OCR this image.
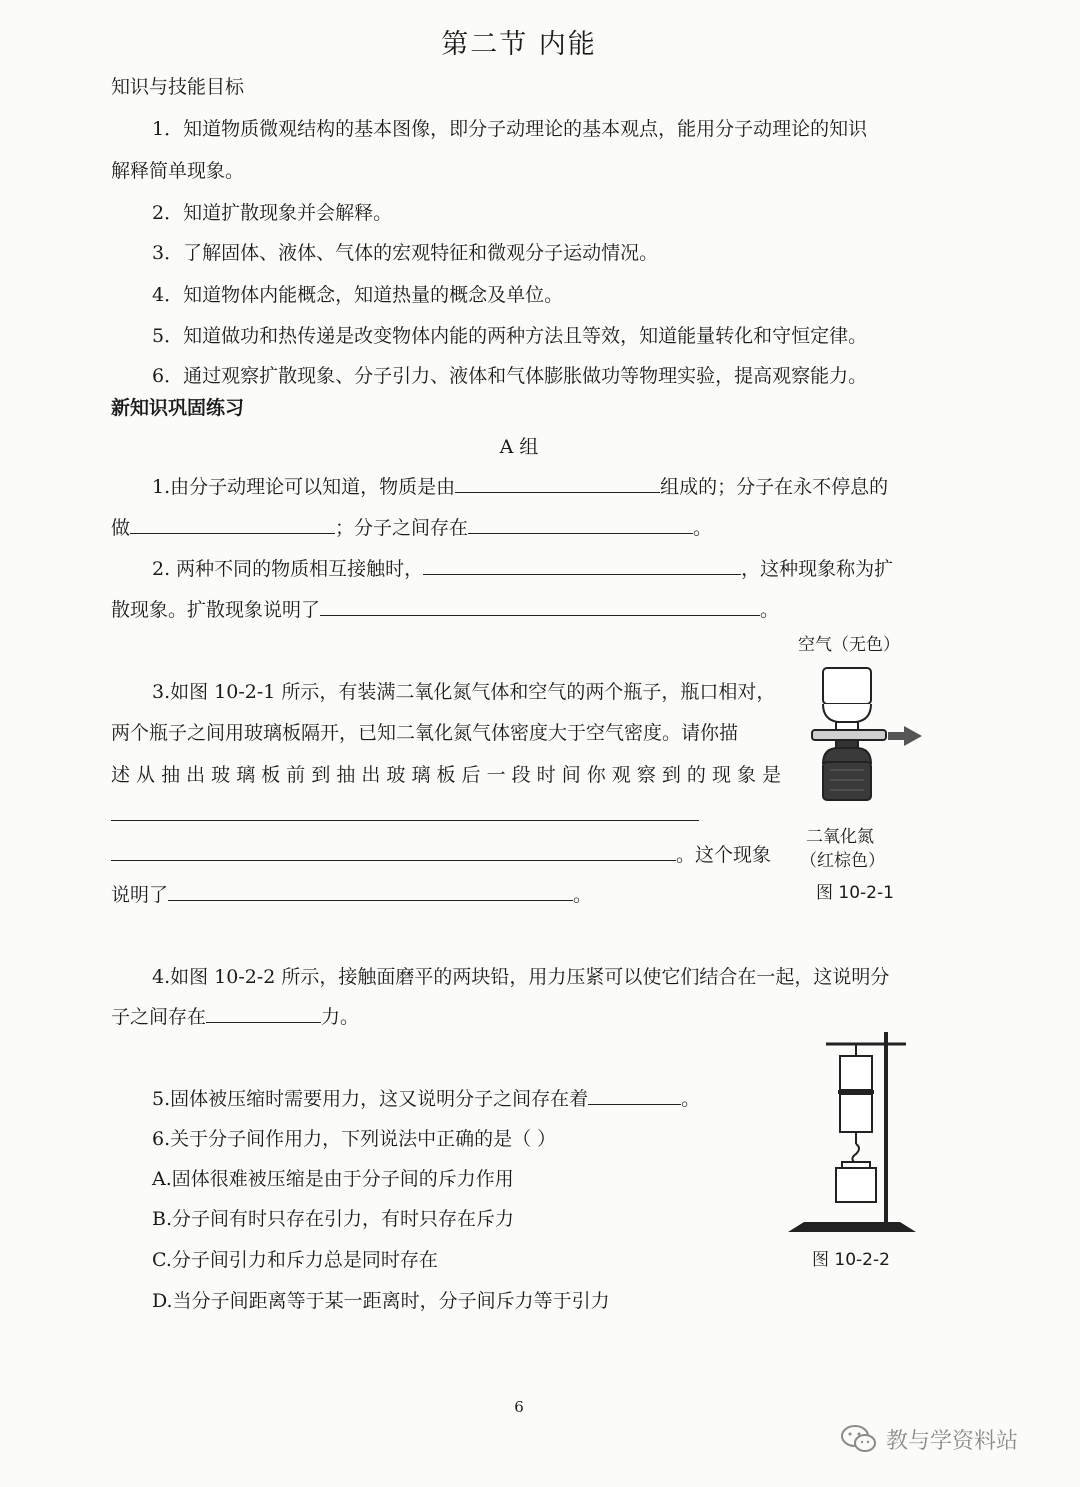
第二节 内能
知识与技能目标
1．知道物质微观结构的基本图像，即分子动理论的基本观点，能用分子动理论的知识
解释简单现象。
2．知道扩散现象并会解释。
3．了解固体、液体、气体的宏观特征和微观分子运动情况。
4．知道物体内能概念，知道热量的概念及单位。
5．知道做功和热传递是改变物体内能的两种方法且等效，知道能量转化和守恒定律。
6．通过观察扩散现象、分子引力、液体和气体膨胀做功等物理实验，提高观察能力。
新知识巩固练习
A 组
1.由分子动理论可以知道，物质是由	组成的；分子在永不停息的
做	；分子之间存在	。
2. 两种不同的物质相互接触时，	，这种现象称为扩
散现象。扩散现象说明了	。
3.如图 10-2-1 所示，有装满二氧化氮气体和空气的两个瓶子，瓶口相对，
两个瓶子之间用玻璃板隔开，已知二氧化氮气体密度大于空气密度。请你描
述 从 抽 出 玻 璃 板 前 到 抽 出 玻 璃 板 后 一 段 时 间 你 观 察 到 的 现 象 是
。这个现象
说明了	。
空气（无色）
二氧化氮
（红棕色）
图 10-2-1
4.如图 10-2-2 所示，接触面磨平的两块铅，用力压紧可以使它们结合在一起，这说明分
子之间存在	力。
5.固体被压缩时需要用力，这又说明分子之间存在着	。
6.关于分子间作用力，下列说法中正确的是（ ）
A.固体很难被压缩是由于分子间的斥力作用
B.分子间有时只存在引力，有时只存在斥力
C.分子间引力和斥力总是同时存在
D.当分子间距离等于某一距离时，分子间斥力等于引力
图 10-2-2
6
教与学资料站
